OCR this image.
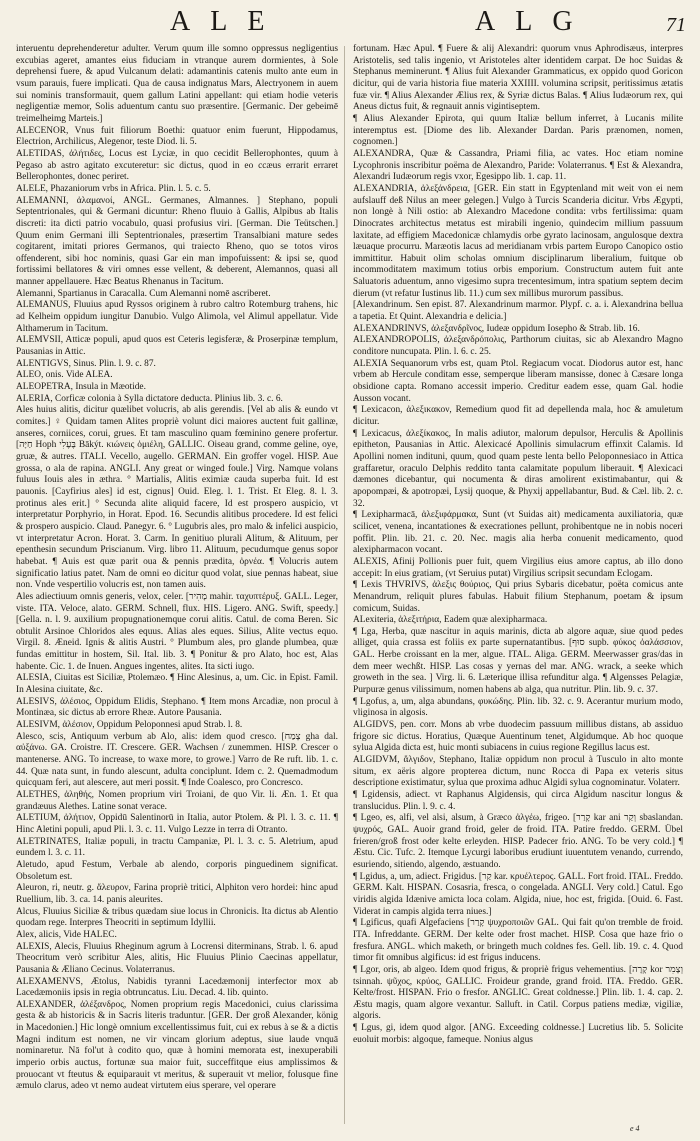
ALE	ALG	71

interuentu deprehenderetur adulter. Verum quum ille somno oppressus negligentius excubias ageret, amantes eius fiduciam in vtranque aurem dormientes, à Sole deprehensi fuere, & apud Vulcanum delati: adamantinis catenis multo ante eum in vsum parauis, fuere implicati. Qua de causa indignatus Mars, Alectryonem in auem sui nominis transformauit, quem gallum Latini appellant: qui etiam hodie veteris negligentiæ memor, Solis aduentum cantu suo præsentire. [Germanic. Der gebeimē treimelheimg Marteis.]

ALECENOR, Vnus fuit filiorum Boethi: quatuor enim fuerunt, Hippodamus, Electrion, Archilicus, Alegenor, teste Diod. li. 5.

ALETIDAS, ἀλήτιδες, Locus est Lyciæ, in quo cecidit Bellerophontes, quum à Pegaso ab astro agitato excuteretur: sic dictus, quod in eo ccæus errarit erraret Bellerophontes, donec periret.

ALELE, Phazaniorum vrbs in Africa. Plin. l. 5. c. 5.

ALEMANNI, ἀλαμανοί, ANGL. Germanes, Almannes. ] Stephano, populi Septentrionales, qui & Germani dicuntur: Rheno fluuio à Gallis, Alpibus ab Italis discreti: ita dicti patrio vocabulo, quasi profusius viri. [German. Die Teütschen.] Quum enim Germani illi Septentrionales, præsertim Transalbiani mature sedes cogitarent, imitati priores Germanos, qui traiecto Rheno, quo se totos viros offenderent, sibi hoc nominis, quasi Gar ein man impofuissent: & ipsi se, quod fortissimi bellatores & viri omnes esse vellent, & deberent, Alemannos, quasi all manner appellauere. Hæc Beatus Rhenanus in Tacitum.

Alemanni, Spartianus in Caracalla. Cum Alemanni nomē ascriberet.

ALEMANUS, Fluuius apud Ryssos originem à rubro caltro Rotemburg trahens, hic ad Kelheim oppidum iungitur Danubio. Vulgo Alimola, vel Alimul appellatur. Vide Althamerum in Tacitum.

ALEMVSII, Atticæ populi, apud quos est Ceteris legisferæ, & Proserpinæ templum, Pausanias in Attic.

ALENTIGVS, Sinus. Plin. l. 9. c. 87.

ALEO, onis. Vide ALEA.

ALEOPETRA, Insula in Mæotide.

ALERIA, Corficæ colonia à Sylla dictatore deducta. Plinius lib. 3. c. 6.

Ales huius alitis, dicitur quælibet volucris, ab alis gerendis. [Vel ab alis & eundo vt comites.] ♀ Quidam tamen Alites propriè volunt dici maiores auctent fuit gallinæ, anseres, corniices, corui, grues. Et tam masculino quam fœminino genere profertur. [חַיָּה Hoph בֶּעֶלִי Bākýt. κιώνεις ὁμιέλη, GALLIC. Oiseau grand, comme geline, oye, gruæ, & autres. ITALI. Vecello, augello. GERMAN. Ein groffer vogel. HISP. Aue grossa, o ala de rapina. ANGLI. Any great or winged foule.] Virg. Namque volans fuluus Iouis ales in æthra. ° Martialis, Alitis eximiæ cauda superba fuit. Id est pauonis. [Cayfirius ales] id est, cignus] Ouid. Eleg. l. 1. Trist. Et Eleg. 8. l. 3. protinus ales erit.] ° Secunda alite aliquid facere, Id est prospero auspicio, vt interpretatur Porphyrio, in Horat. Epod. 16. Secundis alitibus procedere. Id est felici & prospero auspicio. Claud. Panegyr. 6. ° Lugubris ales, pro malo & infelici auspicio, vt interpretatur Acron. Horat. 3. Carm. In genitiuo plurali Alitum, & Alituum, per epenthesin secundum Priscianum. Virg. libro 11. Alituum, pecudumque genus sopor habebat. ¶ Auis est quæ parit oua & pennis prædita, ὀρνέα. ¶ Volucris autem significatio latius patet. Nam de omni eo dicitur quod volat, siue pennas habeat, siue non. Vnde vespertilio volucris est, non tamen auis.

Ales adiectiuum omnis generis, velox, celer. [מָהִיר mahir. ταχυπτέρυξ. GALL. Leger, viste. ITA. Veloce, alato. GERM. Schnell, flux. HIS. Ligero. ANG. Swift, speedy.] [Gella. n. l. 9. auxilium propugnationemque corui alitis. Catul. de coma Beren. Sic obtulit Arsinoe Chloridos ales equus. Alias ales eques. Silius, Alite vectus equo. Virgil. 8. Æneid. Ignis & alitis Austri. ° Plumbum ales, pro glande plumbea, quæ fundas emittitur in hostem, Sil. Ital. lib. 3. ¶ Ponitur & pro Alato, hoc est, Alas habente. Cic. 1. de Inuen. Angues ingentes, alites. Ita sicti iugo.

ALESIA, Ciuitas est Siciliæ, Ptolemæo. ¶ Hinc Alesinus, a, um. Cic. in Epist. Famil. In Alesina ciuitate, &c.

ALESIVS, ἀλέσιος, Oppidum Elidis, Stephano. ¶ Item mons Arcadiæ, non procul à Montinæa, sic dictus ab errore Rheæ. Autore Pausania.

ALESIVM, ἀλέσιον, Oppidum Peloponnesi apud Strab. l. 8.

Alesco, scis, Antiquum verbum ab Alo, alis: idem quod cresco. [צָמַח gha dal. αὐξάνω. GA. Croistre. IT. Crescere. GER. Wachsen / zunemmen. HISP. Crescer o mantenerse. ANG. To increase, to waxe more, to growe.] Varro de Re ruft. lib. 1. c. 44. Quæ nata sunt, in fundo alescunt, adulta conciplunt. Idem c. 2. Quemadmodum quicquam feri, aut alescere, aut meri possit. ¶ Inde Coalesco, pro Concresco.

ALETHES, ἀληθής, Nomen proprium viri Troiani, de quo Vir. li. Æn. 1. Et qua grandæuus Alethes. Latine sonat verace.

ALETIUM, ἀλήτιον, Oppidū Salentinorū in Italia, autor Ptolem. & Pl. l. 3. c. 11. ¶ Hinc Aletini populi, apud Pli. l. 3. c. 11. Vulgo Lezze in terra di Otranto.

ALETRINATES, Italiæ populi, in tractu Campaniæ, Pl. l. 3. c. 5. Aletrium, apud eundem l. 3. c. 11.

Aletudo, apud Festum, Verbale ab alendo, corporis pinguedinem significat. Obsoletum est.

Aleuron, ri, neutr. g. ἄλευρον, Farina propriè tritici, Alphiton vero hordei: hinc apud Ruellium, lib. 3. ca. 14. panis aleurites.

Alcus, Fluuius Siciliæ & tribus quædam siue locus in Chronicis. Ita dictus ab Alentio quodam rege. Interpres Theocriti in septimum Idyllii.

Alex, alicis, Vide HALEC.

ALEXIS, Alecis, Fluuius Rheginum agrum à Locrensi diterminans, Strab. l. 6. apud Theocritum verò scribitur Ales, alitis, Hic Fluuius Plinio Caecinas appellatur, Pausania & Æliano Cecinus. Volaterranus.

ALEXAMENVS, Ætolus, Nabidis tyranni Lacedæmonij interfector mox ab Lacedæmoniis ipsis in regia obtruncatus. Liu. Decad. 4. lib. quinto.

ALEXANDER, ἀλέξανδρος, Nomen proprium regis Macedonici, cuius clarissima gesta & ab historicis & in Sacris literis traduntur. [GER. Der groß Alexander, könig in Macedonien.] Hic longè omnium excellentissimus fuit, cui ex rebus à se & a dictis Magni inditum est nomen, ne vir vincam glorium adeptus, siue laude vnquā nominaretur. Nā fol'ut à codito quo, quæ à homini memorata est, inexuperabili imperio orbis auctus, fortunæ sua maior fuit, succeffitque eius amplissimos & prouocant vt fteutus & equiparauit vt meritus, & superauit vt melior, folusque fine æmulo clarus, adeo vt nemo audeat virtutem eius sperare, vel operare

fortunam. Hæc Apul. ¶ Fuere & alij Alexandri: quorum vnus Aphrodisæus, interpres Aristotelis, sed talis ingenio, vt Aristoteles alter identidem carpat. De hoc Suidas & Stephanus meminerunt. ¶ Alius fuit Alexander Grammaticus, ex oppido quod Goricon dicitur, qui de varia historia fiue materia XXIIII. volumina scripsit, peritissimus ætatis fuæ vir. ¶ Alius Alexander Ælius rex, & Syriæ dictus Balas. ¶ Alius Iudæorum rex, qui Aneus dictus fuit, & regnauit annis vigintiseptem.

¶ Alius Alexander Epirota, qui quum Italiæ bellum inferret, à Lucanis milite interemptus est. [Diome des lib. Alexander Dardan. Paris prænomen, nomen, cognomen.]

ALEXANDRA, Quæ & Cassandra, Priami filia, ac vates. Hoc etiam nomine Lycophronis inscribitur poëma de Alexandro, Paride: Volaterranus. ¶ Est & Alexandra, Alexandri Iudæorum regis vxor, Egesippo lib. 1. cap. 11.

ALEXANDRIA, ἀλεξάνδρεια, [GER. Ein statt in Egyptenland mit weit von ei nem aufslauff deß Nilus an meer gelegen.] Vulgo à Turcis Scanderia dicitur. Vrbs Ægypti, non longè à Nili ostio: ab Alexandro Macedone condita: vrbs fertilissima: quam Dinocrates architectus metatus est mirabili ingenio, quindecim millium passuum laxitate, ad effigiem Macedonicæ chlamydis orbe gyrato lacinosam, angulosque dextra læuaque procurru. Maræotis lacus ad meridianam vrbis partem Europo Canopico ostio immittitur. Habuit olim scholas omnium disciplinarum liberalium, fuitque ob incommoditatem maximum totius orbis emporium. Constructum autem fuit ante Saluatoris aduentum, anno vigesimo supra trecentesimum, intra spatium septem decim dierum (vt refatur Iustinus lib. 11.) cum sex millibus murorum passibus.

[Alexandrinum. Sen epist. 87. Alexandrinum marmor. Plypf. c. a. i. Alexandrina bellua a tapetia. Et Quint. Alexandria e delicia.]

ALEXANDRINVS, ἀλεξανδρῖνος, Iudeæ oppidum Iosepho & Strab. lib. 16.

ALEXANDROPOLIS, ἀλεξανδρόπολις, Parthorum ciuitas, sic ab Alexandro Magno conditore nuncupata. Plin. l. 6. c. 25.

ALEXIA Sequanorum vrbs est, quam Ptol. Regiacum vocat. Diodorus autor est, hanc vrbem ab Hercule conditam esse, semperque liberam mansisse, donec à Cæsare longa obsidione capta. Romano accessit imperio. Creditur eadem esse, quam Gal. hodie Ausson vocant.

¶ Lexicacon, ἀλεξικακον, Remedium quod fit ad depellenda mala, hoc & amuletum dicitur.

¶ Lexicacus, ἀλεξίκακος, In malis adiutor, malorum depulsor, Herculis & Apollinis epitheton, Pausanias in Attic. Alexicacé Apollinis simulacrum effinxit Calamis. Id Apollini nomen indituni, quum, quod quam peste lenta bello Peloponnesiaco in Attica graffaretur, oraculo Delphis reddito tanta calamitate populum liberauit. ¶ Alexicaci dæmones dicebantur, qui nocumenta & diras amolirent existimabantur, qui & apopompæi, & apotropæi, Lysij quoque, & Phyxij appellabantur, Bud. & Cæl. lib. 2. c. 32.

¶ Lexipharmacā, ἀλεξιφάρμακα, Sunt (vt Suidas ait) medicamenta auxiliatoria, quæ scilicet, venena, incantationes & execrationes pellunt, prohibentque ne in nobis noceri poffit. Plin. lib. 21. c. 20. Nec. magis alia herba conuenit medicamento, quod alexipharmacon vocant.

ALEXIS, Afinij Pollionis puer fuit, quem Virgilius eius amore captus, ab illo dono accepit: In eius gratiam, (vt Seruius putat) Virgilius scripsit secundam Eclogam.

¶ Lexis THVRIVS, ἀλεξις θούριος, Qui prius Sybaris dicebatur, poëta comicus ante Menandrum, reliquit plures fabulas. Habuit filium Stephanum, poetam & ipsum comicum, Suidas.

ALexiteria, ἀλεξιτήρια, Eadem quæ alexipharmaca.

¶ Lga, Herba, quæ nascitur in aquis marinis, dicta ab algore aquæ, siue quod pedes alliget, quia crassa est foliis ex parte supernatantibus. [סוּף supb. φύκος ὀαλάσσιον, GAL. Herbe croissant en la mer, algue. ITAL. Aliga. GERM. Meerwasser gras/das in dem meer wechßt. HISP. Las cosas y yernas del mar. ANG. wrack, a seeke which groweth in the sea. ] Virg. li. 6. Læterique illisa refunditur alga. ¶ Algensses Pelagiæ, Purpuræ genus vilissimum, nomen habens ab alga, qua nutritur. Plin. lib. 9. c. 37.

¶ Lgofus, a, um, alga abundans, φυκώδης. Plin. lib. 32. c. 9. Acerantur murium modo, vliginosa in algosis.

ALGIDVS, pen. corr. Mons ab vrbe duodecim passuum millibus distans, ab assiduo frigore sic dictus. Horatius, Quæque Auentinum tenet, Algidumque. Ab hoc quoque sylua Algida dicta est, huic monti subiacens in cuius regione Regillus lacus est.

ALGIDVM, ἄλγιδον, Stephano, Italiæ oppidum non procul à Tusculo in alto monte situm, ex aëris algore propterea dictum, nunc Rocca di Papa ex veteris situs descriptione existimatur, sylua que proxima adhuc Algidi sylua cognominatur. Volaterr.

¶ Lgidensis, adiect. vt Raphanus Algidensis, qui circa Algidum nascitur longus & translucidus. Plin. l. 9. c. 4.

¶ Lgeo, es, alfi, vel alsi, alsum, à Græco ἀλγέω, frigeo. [קָרַר kar ani וְקַר sbaslandan. ψυχρός, GAL. Auoir grand froid, geler de froid. ITA. Patire freddo. GERM. Übel frieren/groß frost oder kelte erleyden. HISP. Padecer frio. ANG. To be very cold.] ¶ Æstu. Cic. Tufc. 2. Itemque Lycurgi laboribus erudiunt iuuentutem venando, currendo, esuriendo, sitiendo, algendo, æstuando.

¶ Lgidus, a, um, adiect. Frigidus. [קַר kar. κρυέλτερος. GALL. Fort froid. ITAL. Freddo. GERM. Kalt. HISPAN. Cosasria, fresca, o congelada. ANGLI. Very cold.] Catul. Ego viridis algida Idænive amicta loca colam. Algida, niue, hoc est, frigida. [Ouid. 6. Fast. Viderat in campis algida terra niues.]

¶ Lgificus, quafi Algefaciens [קָרַר ψυχροποιῶν GAL. Qui fait qu'on tremble de froid. ITA. Infreddante. GERM. Der kelte oder frost machet. HISP. Cosa que haze frio o fresfura. ANGL. which maketh, or bringeth much coldnes fes. Gell. lib. 19. c. 4. Quod timor fit omnibus algificus: id est frigus inducens.

¶ Lgor, oris, ab algeo. Idem quod frigus, & propriè frigus vehementius. [קָרָה kor וְצָמִר tsinnah. ψῦχος, κρύος, GALLIC. Froideur grande, grand froid. ITA. Freddo. GER. Kelte/frost. HISPAN. Frio o fresfor. ANGLIC. Great coldnesse.] Plin. lib. 1. 4. cap. 2. Æstu magis, quam algore vexantur. Salluft. in Catil. Corpus patiens mediæ, vigiliæ, algoris.

¶ Lgus, gi, idem quod algor. [ANG. Exceeding coldnesse.] Lucretius lib. 5. Solicite euoluit morbis: algoque, fameque. Nonius algus

e 4
